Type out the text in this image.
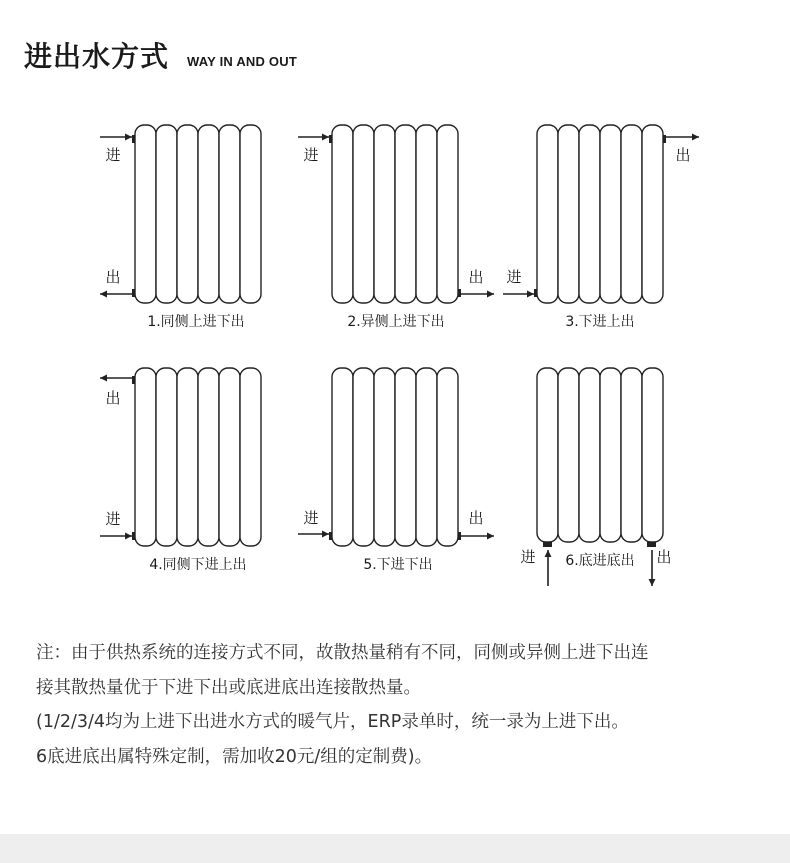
进出水方式 WAY IN AND OUT
进
出
1.同侧上进下出
进
出
2.异侧上进下出
进
出
3.下进上出
出
进
4.同侧下进上出
进	出
5.下进下出	进	出
6.底进底出
注：由于供热系统的连接方式不同，故散热量稍有不同，同侧或异侧上进下出连
接其散热量优于下进下出或底进底出连接散热量。
(1/2/3/4均为上进下出进水方式的暖气片，ERP录单时，统一录为上进下出。
6底进底出属特殊定制，需加收20元/组的定制费)。
